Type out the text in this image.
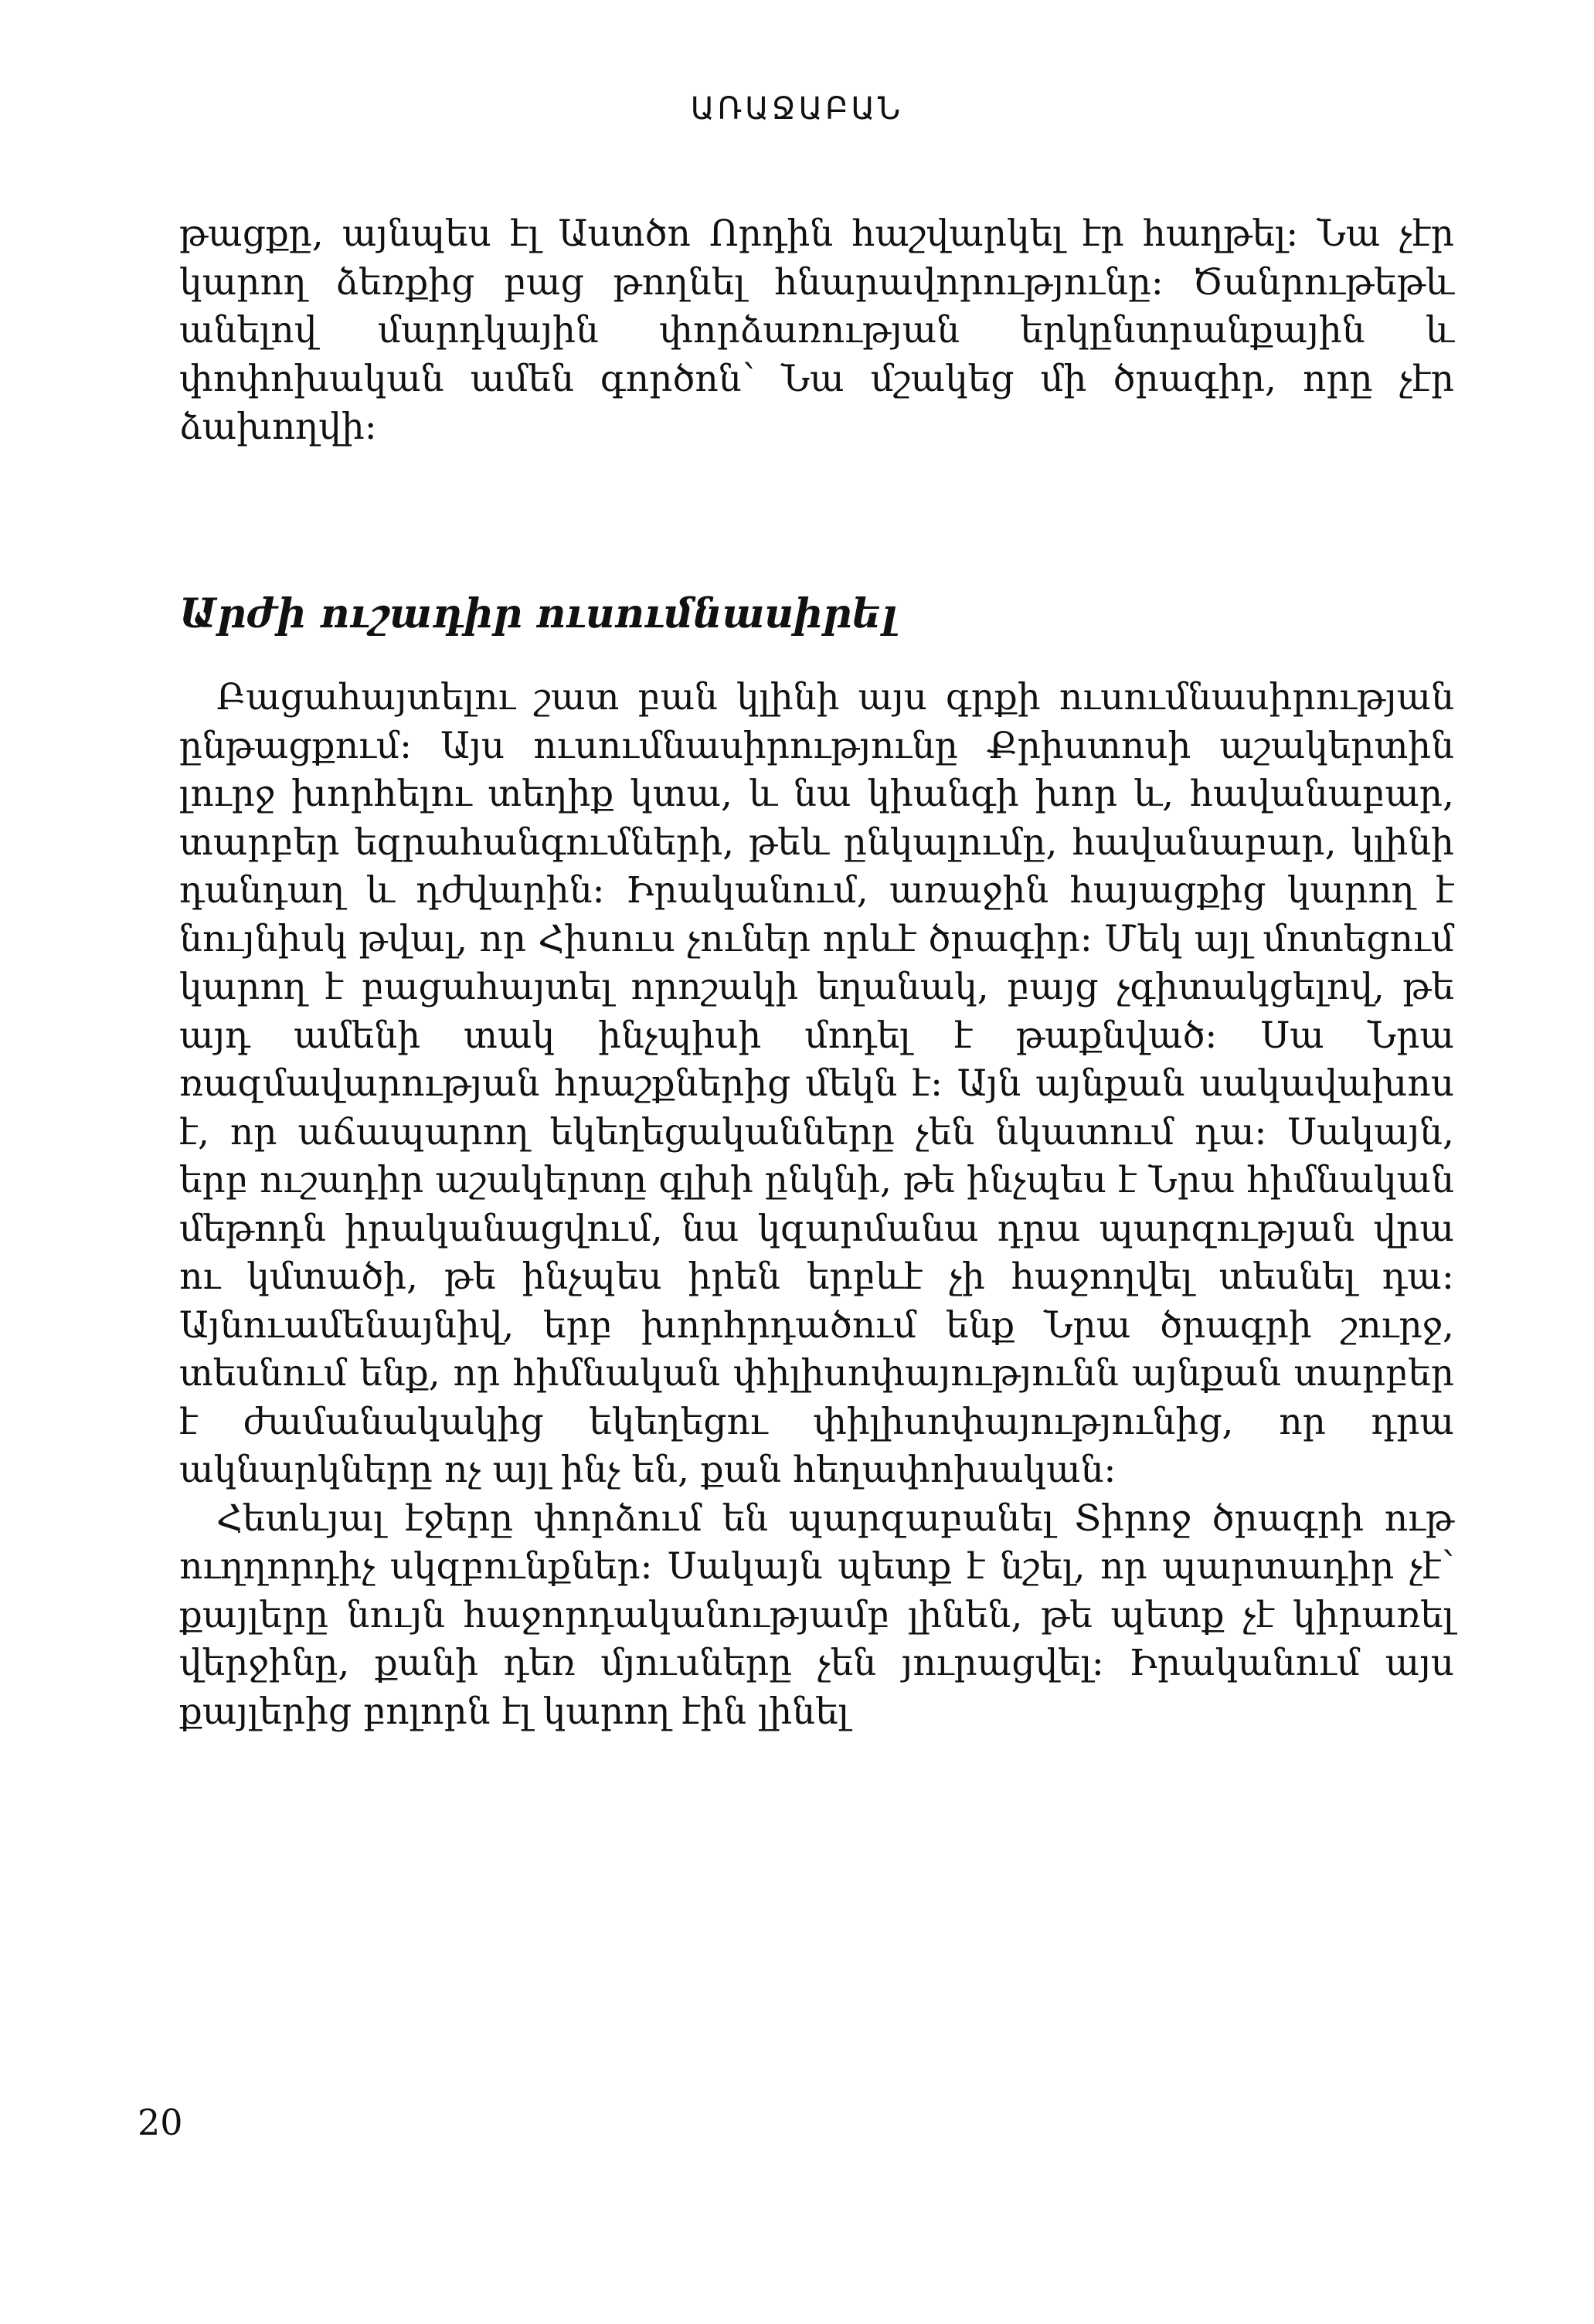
ԱՌԱՋԱԲԱՆ

թացքը, այնպես էլ Աստծո Որդին հաշվարկել էր հաղթել։ Նա չէր կարող ձեռքից բաց թողնել հնարավորությունը։ Ծանրութեթև անելով մարդկային փորձառության երկընտրանքային և փոփոխական ամեն գործոն՝ Նա մշակեց մի ծրագիր, որը չէր ձախողվի։

Արժի ուշադիր ուսումնասիրել

Բացահայտելու շատ բան կլինի այս գրքի ուսումնասիրության ընթացքում։ Այս ուսումնասիրությունը Քրիստոսի աշակերտին լուրջ խորհելու տեղիք կտա, և նա կիանգի խոր և, հավանաբար, տարբեր եզրահանգումների, թեև ընկալումը, հավանաբար, կլինի դանդաղ և դժվարին։ Իրականում, առաջին հայացքից կարող է նույնիսկ թվալ, որ Հիսուս չուներ որևէ ծրագիր։ Մեկ այլ մոտեցում կարող է բացահայտել որոշակի եղանակ, բայց չգիտակցելով, թե այդ ամենի տակ ինչպիսի մոդել է թաքնված։ Սա Նրա ռազմավարության հրաշքներից մեկն է։ Այն այնքան սակավախոս է, որ աճապարող եկեղեցականները չեն նկատում դա։ Սակայն, երբ ուշադիր աշակերտը գլխի ընկնի, թե ինչպես է Նրա հիմնական մեթոդն իրականացվում, նա կզարմանա դրա պարզության վրա ու կմտածի, թե ինչպես իրեն երբևէ չի հաջողվել տեսնել դա։ Այնուամենայնիվ, երբ խորհրդածում ենք Նրա ծրագրի շուրջ, տեսնում ենք, որ հիմնական փիլիսոփայությունն այնքան տարբեր է ժամանակակից եկեղեցու փիլիսոփայությունից, որ դրա ակնարկները ոչ այլ ինչ են, քան հեղափոխական։

Հետևյալ էջերը փորձում են պարզաբանել Տիրոջ ծրագրի ութ ուղղորդիչ սկզբունքներ։ Սակայն պետք է նշել, որ պարտադիր չէ՝ քայլերը նույն հաջորդականությամբ լինեն, թե պետք չէ կիրառել վերջինը, քանի դեռ մյուսները չեն յուրացվել։ Իրականում այս քայլերից բոլորն էլ կարող էին լինել

20
